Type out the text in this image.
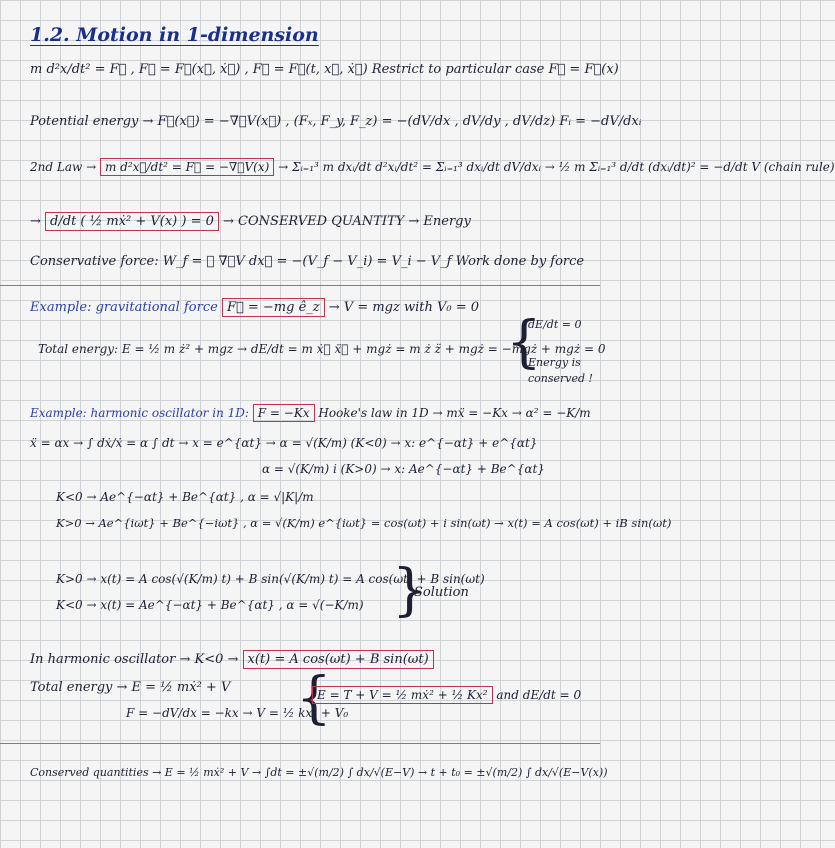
1.2. Motion in 1-dimension
m d²x/dt² = F⃗ , F⃗ = F⃗(x⃗, ẋ⃗) , F⃗ = F⃗(t, x⃗, ẋ⃗) Restrict to particular case F⃗ = F⃗(x)
Potential energy → F⃗(x⃗) = −∇⃗V(x⃗) , (Fₓ, F_y, F_z) = −(dV/dx , dV/dy , dV/dz) Fᵢ = −dV/dxᵢ
2nd Law → m d²x⃗/dt² = F⃗ = −∇⃗V(x) → Σᵢ₌₁³ m dxᵢ/dt d²xᵢ/dt² = Σᵢ₌₁³ dxᵢ/dt dV/dxᵢ → ½ m Σᵢ₌₁³ d/dt (dxᵢ/dt)² = −d/dt V (chain rule)
→ d/dt ( ½ mẋ² + V(x) ) = 0 → CONSERVED QUANTITY → Energy
Conservative force: W_f = ∮ ∇⃗V dx⃗ = −(V_f − V_i) = V_i − V_f Work done by force
Example: gravitational force F⃗ = −mg ê_z → V = mgz with V₀ = 0
Total energy: E = ½ m ż² + mgz → dE/dt = m ẋ⃗ ẍ⃗ + mgż = m ż z̈ + mgż = −mgż + mgż = 0
{
dE/dt = 0
Energy is
conserved !
Example: harmonic oscillator in 1D: F = −Kx Hooke's law in 1D → mẍ = −Kx → α² = −K/m
ẍ = αx → ∫ dẋ/ẋ = α ∫ dt → x = e^{αt} → α = √(K/m) (K<0) → x: e^{−αt} + e^{αt}
α = √(K/m) i (K>0) → x: Ae^{−αt} + Be^{αt}
K<0 → Ae^{−αt} + Be^{αt} , α = √|K|/m
K>0 → Ae^{iωt} + Be^{−iωt} , α = √(K/m) e^{iωt} = cos(ωt) + i sin(ωt) → x(t) = A cos(ωt) + iB sin(ωt)
K>0 → x(t) = A cos(√(K/m) t) + B sin(√(K/m) t) = A cos(ωt) + B sin(ωt)
K<0 → x(t) = Ae^{−αt} + Be^{αt} , α = √(−K/m) }
Solution
In harmonic oscillator → K<0 → x(t) = A cos(ωt) + B sin(ωt)
Total energy → E = ½ mẋ² + V
F = −dV/dx = −kx → V = ½ kx² + V₀
{
E = T + V = ½ mẋ² + ½ Kx² and dE/dt = 0
Conserved quantities → E = ½ mẋ² + V → ∫dt = ±√(m/2) ∫ dx/√(E−V) → t + t₀ = ±√(m/2) ∫ dx/√(E−V(x))
